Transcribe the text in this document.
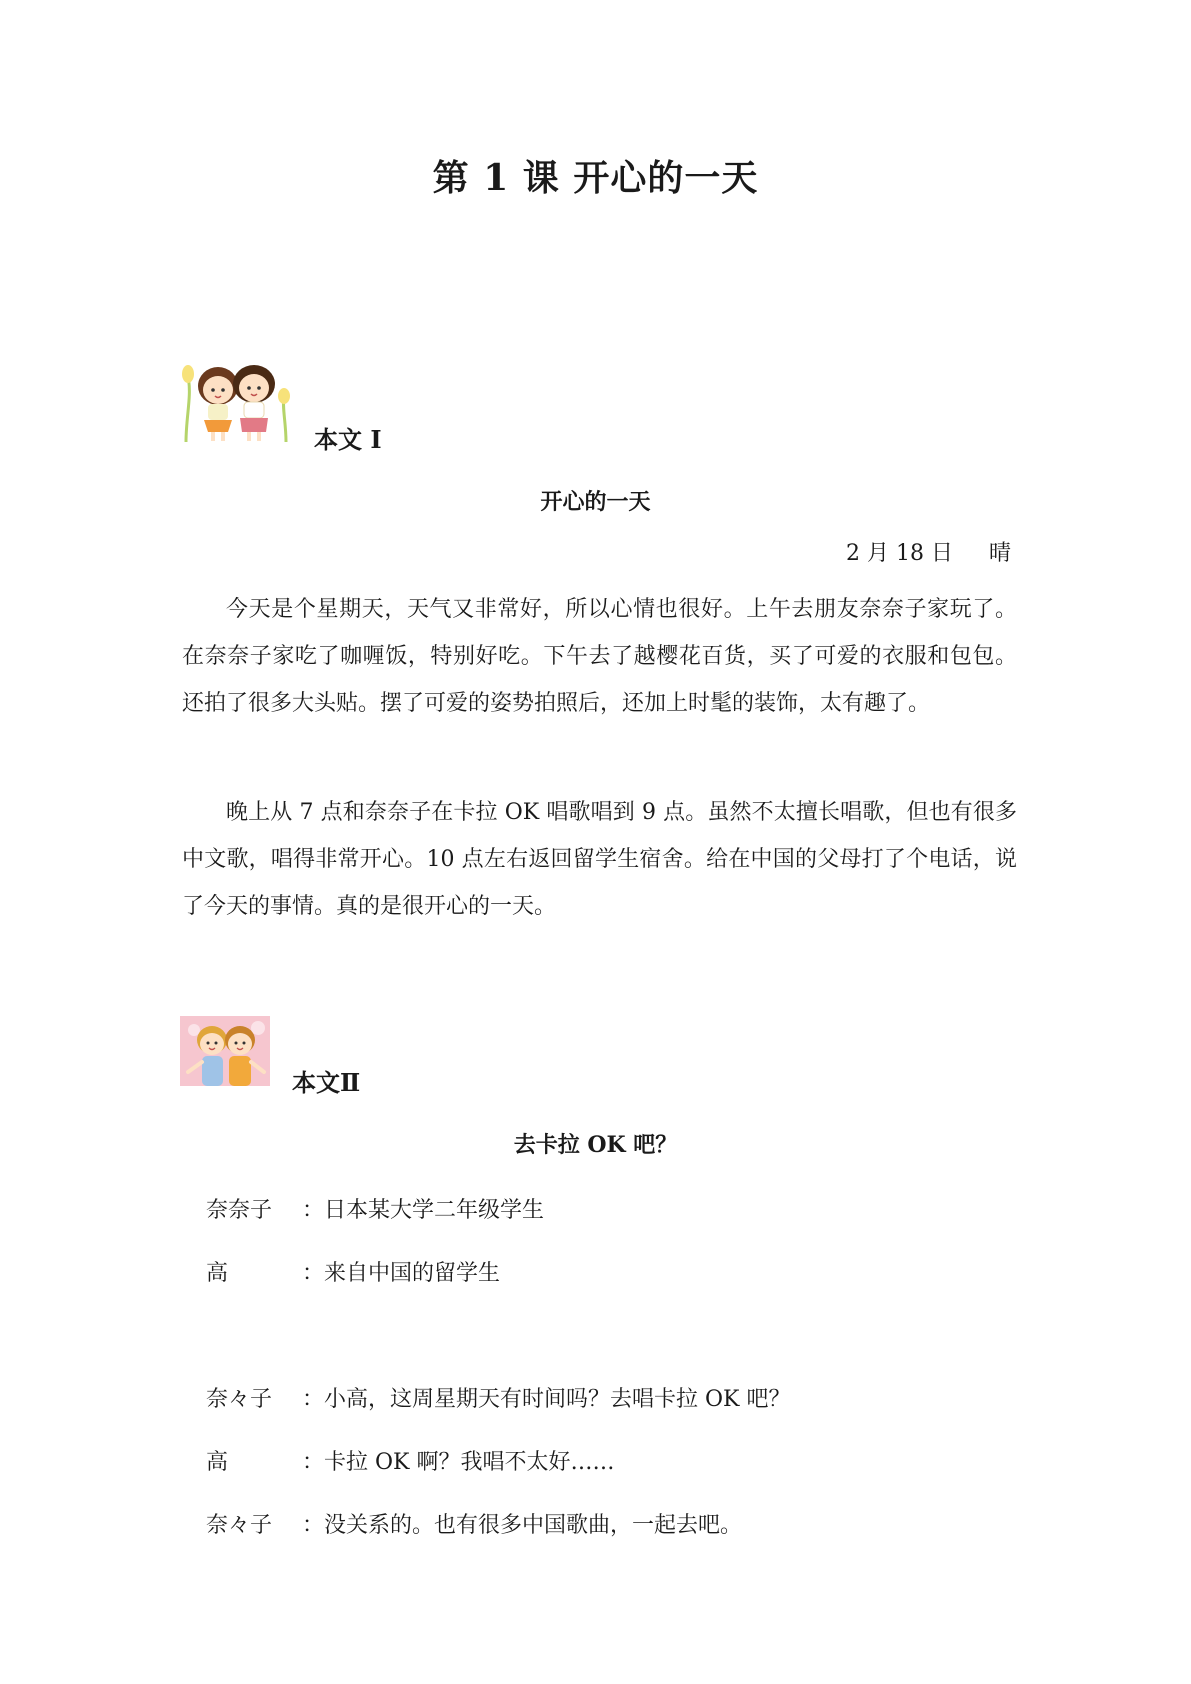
第 1 课 开心的一天
本文 I
开心的一天
2 月 18 日 晴

今天是个星期天，天气又非常好，所以心情也很好。上午去朋友奈奈子家玩了。在奈奈子家吃了咖喱饭，特别好吃。下午去了越樱花百货，买了可爱的衣服和包包。还拍了很多大头贴。摆了可爱的姿势拍照后，还加上时髦的装饰，太有趣了。

晚上从 7 点和奈奈子在卡拉 OK 唱歌唱到 9 点。虽然不太擅长唱歌，但也有很多中文歌，唱得非常开心。10 点左右返回留学生宿舍。给在中国的父母打了个电话，说了今天的事情。真的是很开心的一天。

本文Ⅱ
去卡拉 OK 吧？
奈奈子 ：日本某大学二年级学生
高	：来自中国的留学生
奈々子 ：小高，这周星期天有时间吗？去唱卡拉 OK 吧？
高	：卡拉 OK 啊？我唱不太好……
奈々子 ：没关系的。也有很多中国歌曲，一起去吧。
